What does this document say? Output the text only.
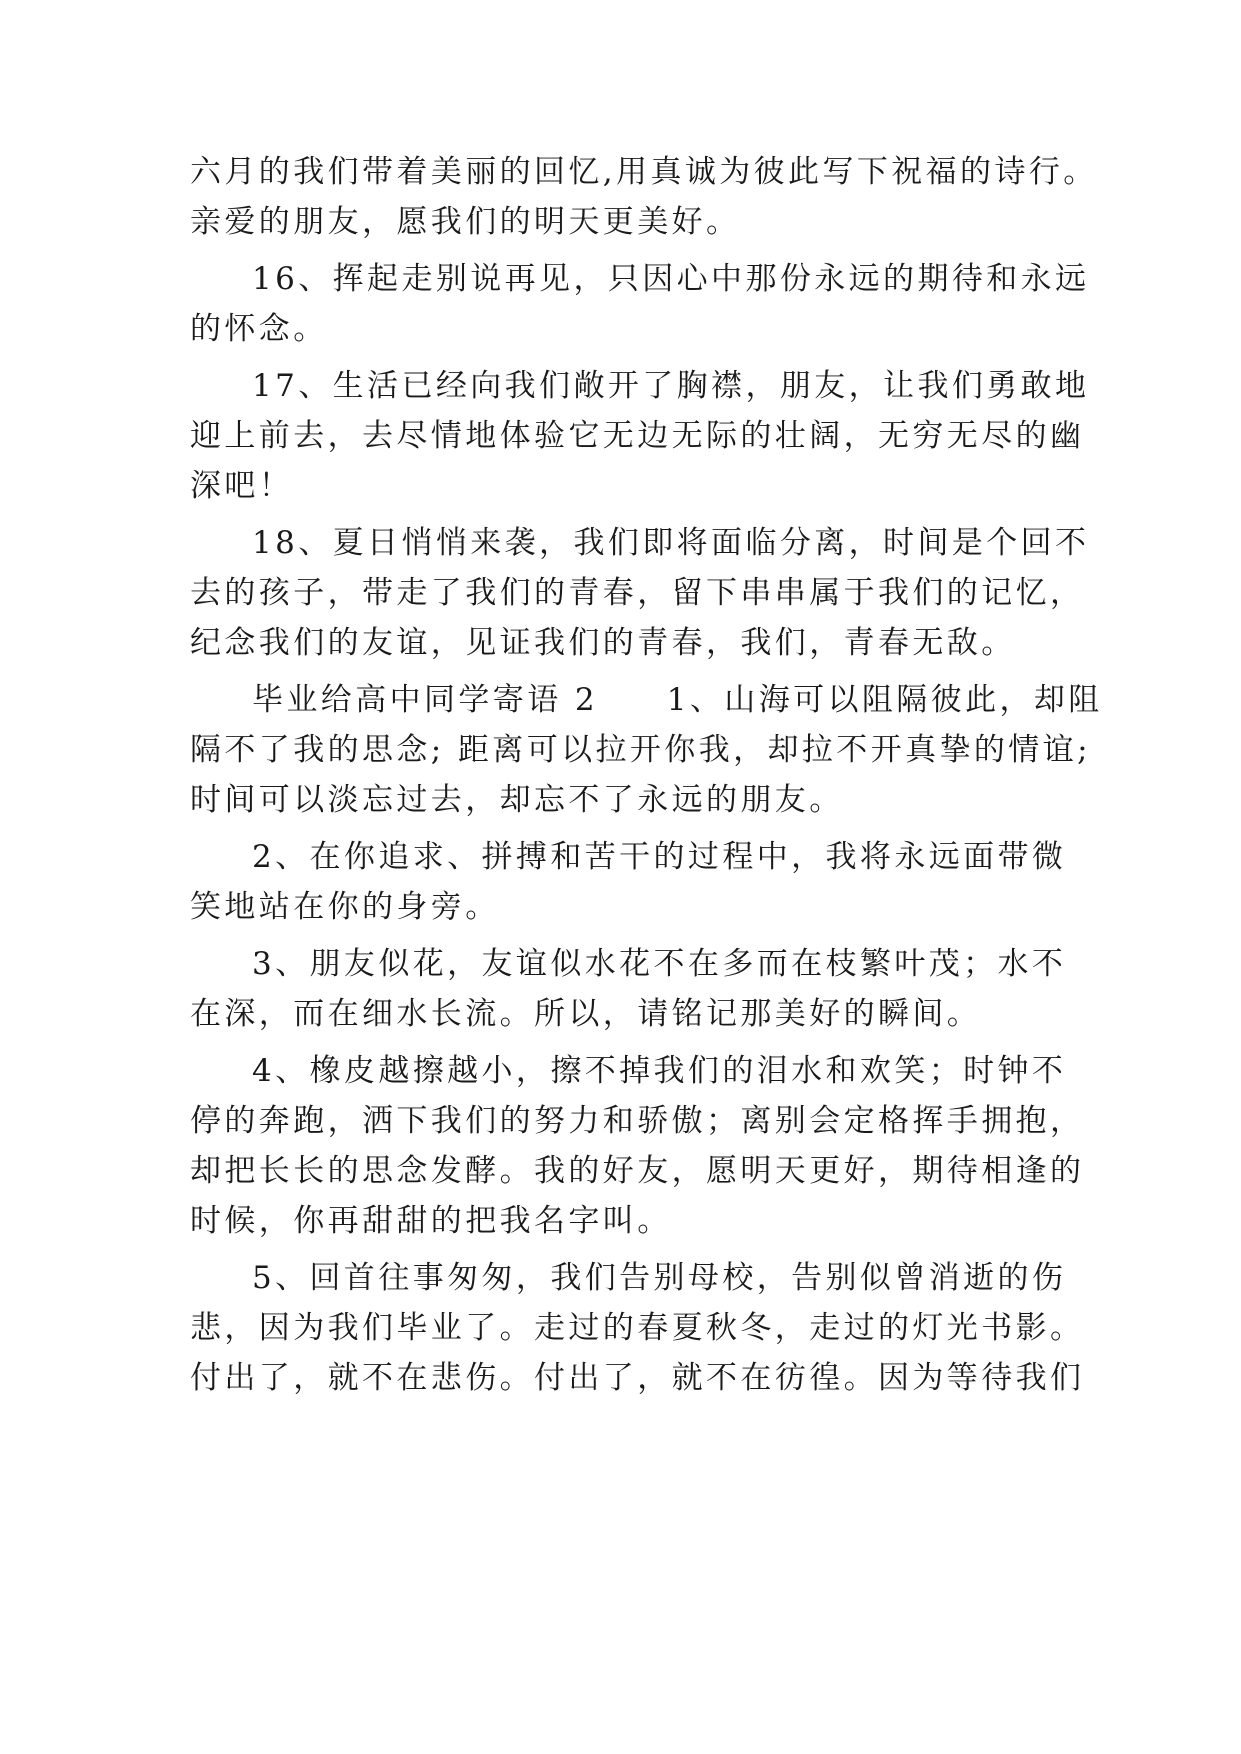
六月的我们带着美丽的回忆,用真诚为彼此写下祝福的诗行。
亲爱的朋友，愿我们的明天更美好。
16、挥起走别说再见，只因心中那份永远的期待和永远
的怀念。
17、生活已经向我们敞开了胸襟，朋友，让我们勇敢地
迎上前去，去尽情地体验它无边无际的壮阔，无穷无尽的幽
深吧！
18、夏日悄悄来袭，我们即将面临分离，时间是个回不
去的孩子，带走了我们的青春，留下串串属于我们的记忆，
纪念我们的友谊，见证我们的青春，我们，青春无敌。
毕业给高中同学寄语 2　　1、山海可以阻隔彼此，却阻
隔不了我的思念; 距离可以拉开你我，却拉不开真挚的情谊;
时间可以淡忘过去，却忘不了永远的朋友。
2、在你追求、拼搏和苦干的过程中，我将永远面带微
笑地站在你的身旁。
3、朋友似花，友谊似水花不在多而在枝繁叶茂；水不
在深，而在细水长流。所以，请铭记那美好的瞬间。
4、橡皮越擦越小，擦不掉我们的泪水和欢笑；时钟不
停的奔跑，洒下我们的努力和骄傲；离别会定格挥手拥抱，
却把长长的思念发酵。我的好友，愿明天更好，期待相逢的
时候，你再甜甜的把我名字叫。
5、回首往事匆匆，我们告别母校，告别似曾消逝的伤
悲，因为我们毕业了。走过的春夏秋冬，走过的灯光书影。
付出了，就不在悲伤。付出了，就不在彷徨。因为等待我们
